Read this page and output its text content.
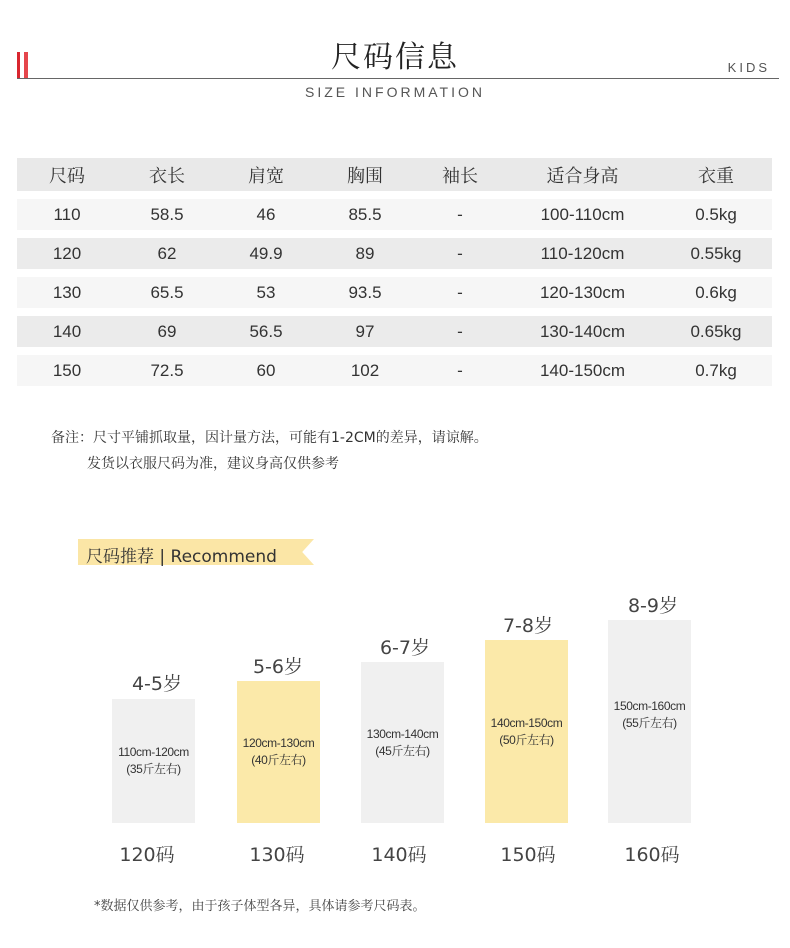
尺码信息
SIZE INFORMATION
KIDS
尺码	衣长	肩宽	胸围	袖长	适合身高	衣重
110	58.5	46	85.5	-	100-110cm	0.5kg
120	62	49.9	89	-	110-120cm	0.55kg
130	65.5	53	93.5	-	120-130cm	0.6kg
140	69	56.5	97	-	130-140cm	0.65kg
150	72.5	60	102	-	140-150cm	0.7kg
备注：尺寸平铺抓取量，因计量方法，可能有1-2CM的差异，请谅解。
发货以衣服尺码为准，建议身高仅供参考
尺码推荐 | Recommend
4-5岁
110cm-120cm
(35斤左右)
120码
5-6岁
120cm-130cm
(40斤左右)
130码
6-7岁
130cm-140cm
(45斤左右)
140码
7-8岁
140cm-150cm
(50斤左右)
150码
8-9岁
150cm-160cm
(55斤左右)
160码
*数据仅供参考，由于孩子体型各异，具体请参考尺码表。
